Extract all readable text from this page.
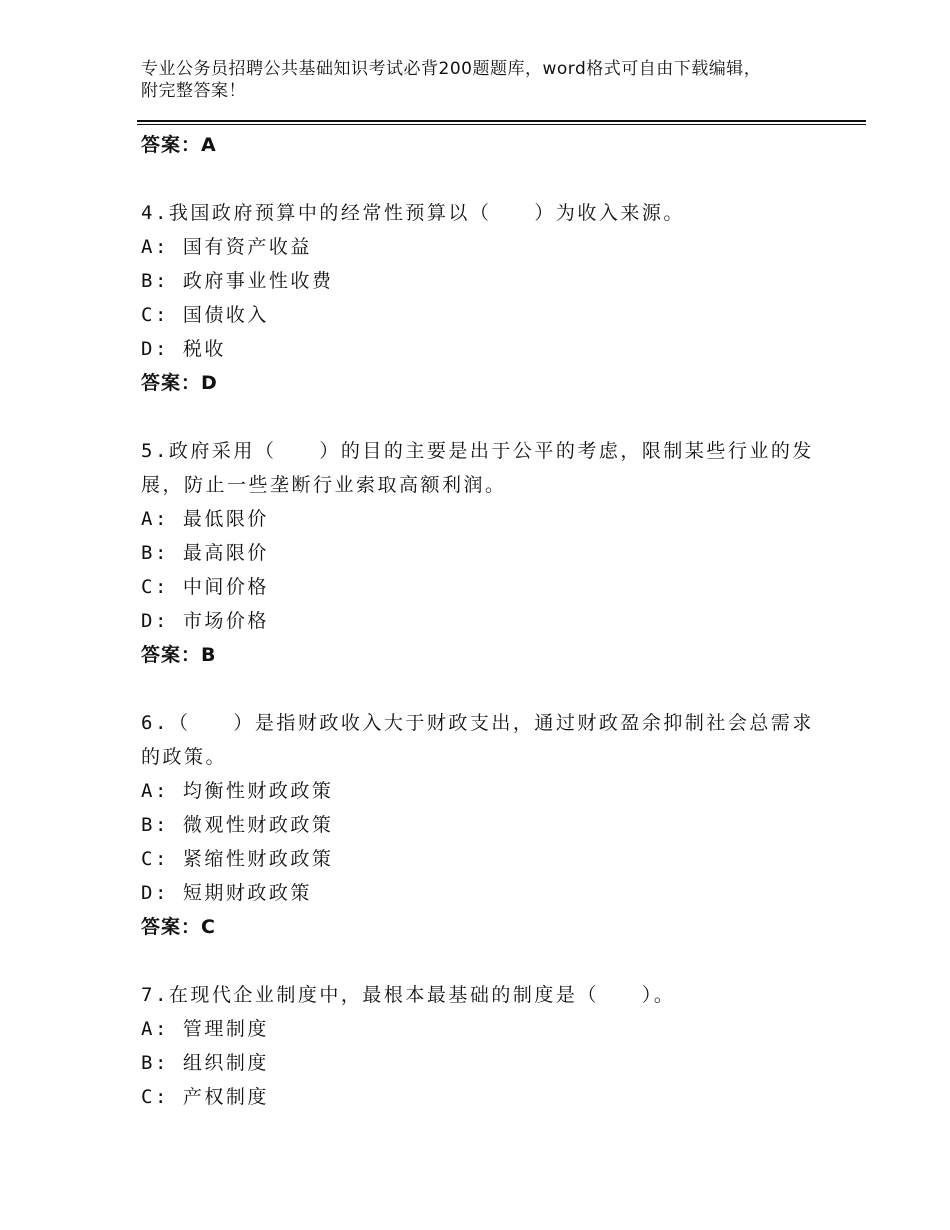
专业公务员招聘公共基础知识考试必背200题题库，word格式可自由下载编辑，
附完整答案！
答案：A
4.我国政府预算中的经常性预算以（　　）为收入来源。
A: 国有资产收益
B: 政府事业性收费
C: 国债收入
D: 税收
答案：D
5.政府采用（　　）的目的主要是出于公平的考虑，限制某些行业的发展，防止一些垄断行业索取高额利润。
A: 最低限价
B: 最高限价
C: 中间价格
D: 市场价格
答案：B
6.（　　）是指财政收入大于财政支出，通过财政盈余抑制社会总需求的政策。
A: 均衡性财政政策
B: 微观性财政政策
C: 紧缩性财政政策
D: 短期财政政策
答案：C
7.在现代企业制度中，最根本最基础的制度是（　　）。
A: 管理制度
B: 组织制度
C: 产权制度
